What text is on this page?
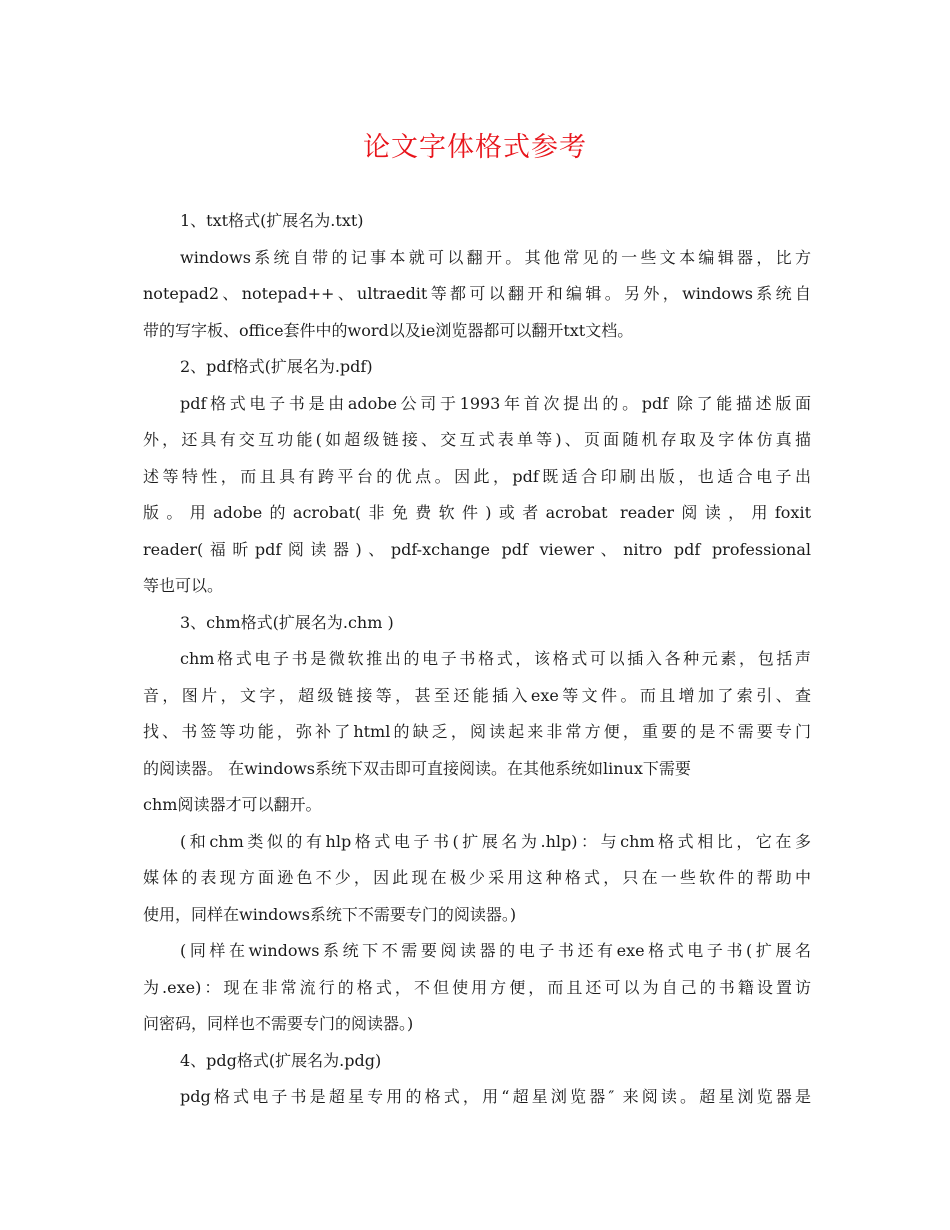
论文字体格式参考
1、txt格式(扩展名为.txt)
windows系统自带的记事本就可以翻开。其他常见的一些文本编辑器，比方
notepad2、notepad++、ultraedit等都可以翻开和编辑。另外，windows系统自
带的写字板、office套件中的word以及ie浏览器都可以翻开txt文档。
2、pdf格式(扩展名为.pdf)
pdf格式电子书是由adobe公司于1993年首次提出的。pdf 除了能描述版面
外，还具有交互功能(如超级链接、交互式表单等)、页面随机存取及字体仿真描
述等特性，而且具有跨平台的优点。因此，pdf既适合印刷出版，也适合电子出
版。用adobe的acrobat(非免费软件)或者acrobat reader阅读，用foxit
reader(福昕pdf阅读器)、pdf-xchange pdf viewer、nitro pdf professional
等也可以。
3、chm格式(扩展名为.chm )
chm格式电子书是微软推出的电子书格式，该格式可以插入各种元素，包括声
音，图片，文字，超级链接等，甚至还能插入exe等文件。而且增加了索引、查
找、书签等功能，弥补了html的缺乏，阅读起来非常方便，重要的是不需要专门
的阅读器。 在windows系统下双击即可直接阅读。在其他系统如linux下需要
chm阅读器才可以翻开。
(和chm类似的有hlp格式电子书(扩展名为.hlp)：与chm格式相比，它在多
媒体的表现方面逊色不少，因此现在极少采用这种格式，只在一些软件的帮助中
使用，同样在windows系统下不需要专门的阅读器。)
(同样在windows系统下不需要阅读器的电子书还有exe格式电子书(扩展名
为.exe)：现在非常流行的格式，不但使用方便，而且还可以为自己的书籍设置访
问密码，同样也不需要专门的阅读器。)
4、pdg格式(扩展名为.pdg)
pdg格式电子书是超星专用的格式，用“超星浏览器″ 来阅读。超星浏览器是
